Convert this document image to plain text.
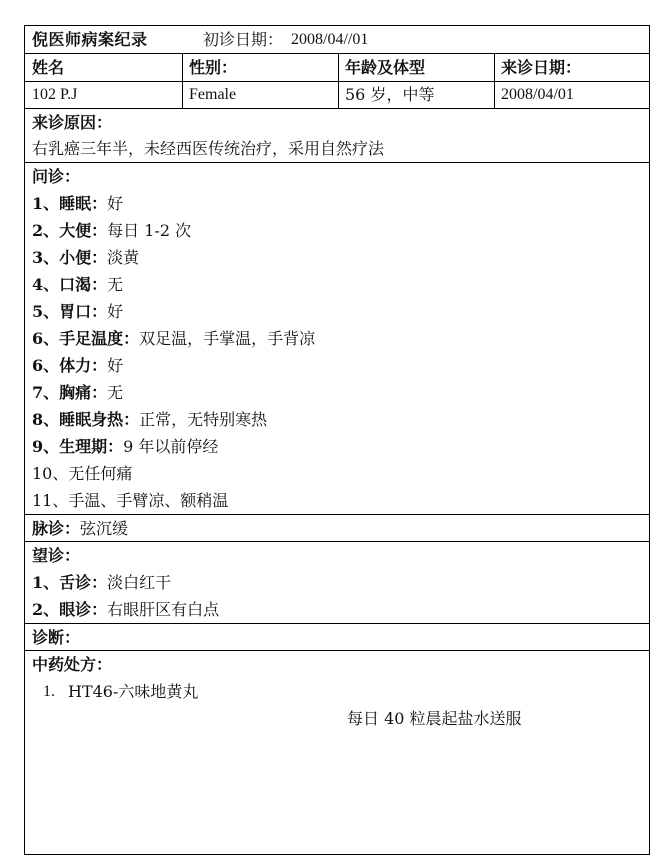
倪医师病案纪录	初诊日期： 2008/04//01
姓名	性别：	年龄及体型	来诊日期：
102 P.J	Female	56 岁，中等	2008/04/01
来诊原因：
右乳癌三年半，未经西医传统治疗，采用自然疗法
问诊：
1、睡眠：好
2、大便：每日 1-2 次
3、小便：淡黄
4、口渴：无
5、胃口：好
6、手足温度：双足温，手掌温，手背凉
6、体力：好
7、胸痛：无
8、睡眠身热：正常，无特别寒热
9、生理期：9 年以前停经
10、无任何痛
11、手温、手臂凉、额稍温
脉诊：弦沉缓
望诊：
1、舌诊：淡白红干
2、眼诊：右眼肝区有白点
诊断：
中药处方：
1. HT46-六味地黄丸
每日 40 粒晨起盐水送服
